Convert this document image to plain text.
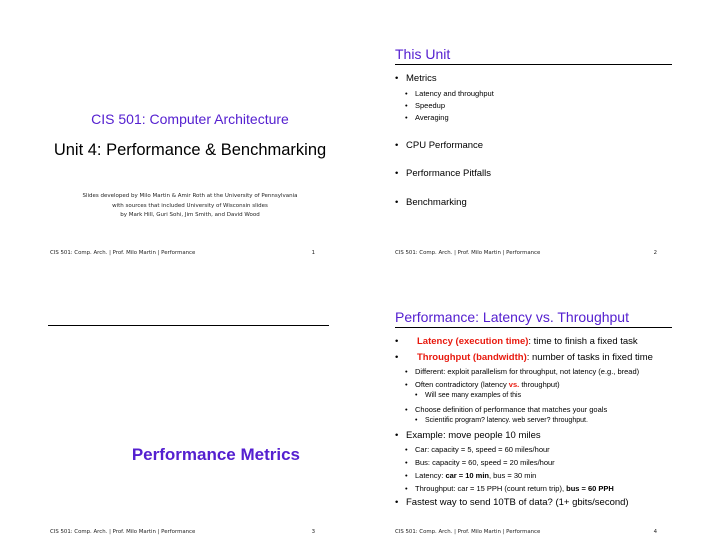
CIS 501: Computer Architecture
Unit 4: Performance & Benchmarking
Slides developed by Milo Martin & Amir Roth at the University of Pennsylvania
with sources that included University of Wisconsin slides
by Mark Hill, Guri Sohi, Jim Smith, and David Wood
CIS 501: Comp. Arch. | Prof. Milo Martin | Performance	1
This Unit
• Metrics
• Latency and throughput
• Speedup
• Averaging
• CPU Performance
• Performance Pitfalls
• Benchmarking
CIS 501: Comp. Arch. | Prof. Milo Martin | Performance	2
Performance Metrics
CIS 501: Comp. Arch. | Prof. Milo Martin | Performance	3
Performance: Latency vs. Throughput
• Latency (execution time): time to finish a fixed task
• Throughput (bandwidth): number of tasks in fixed time
• Different: exploit parallelism for throughput, not latency (e.g., bread)
• Often contradictory (latency vs. throughput)
• Will see many examples of this
• Choose definition of performance that matches your goals
• Scientific program? latency. web server? throughput.
• Example: move people 10 miles
• Car: capacity = 5, speed = 60 miles/hour
• Bus: capacity = 60, speed = 20 miles/hour
• Latency: car = 10 min, bus = 30 min
• Throughput: car = 15 PPH (count return trip), bus = 60 PPH
• Fastest way to send 10TB of data? (1+ gbits/second)
CIS 501: Comp. Arch. | Prof. Milo Martin | Performance	4
